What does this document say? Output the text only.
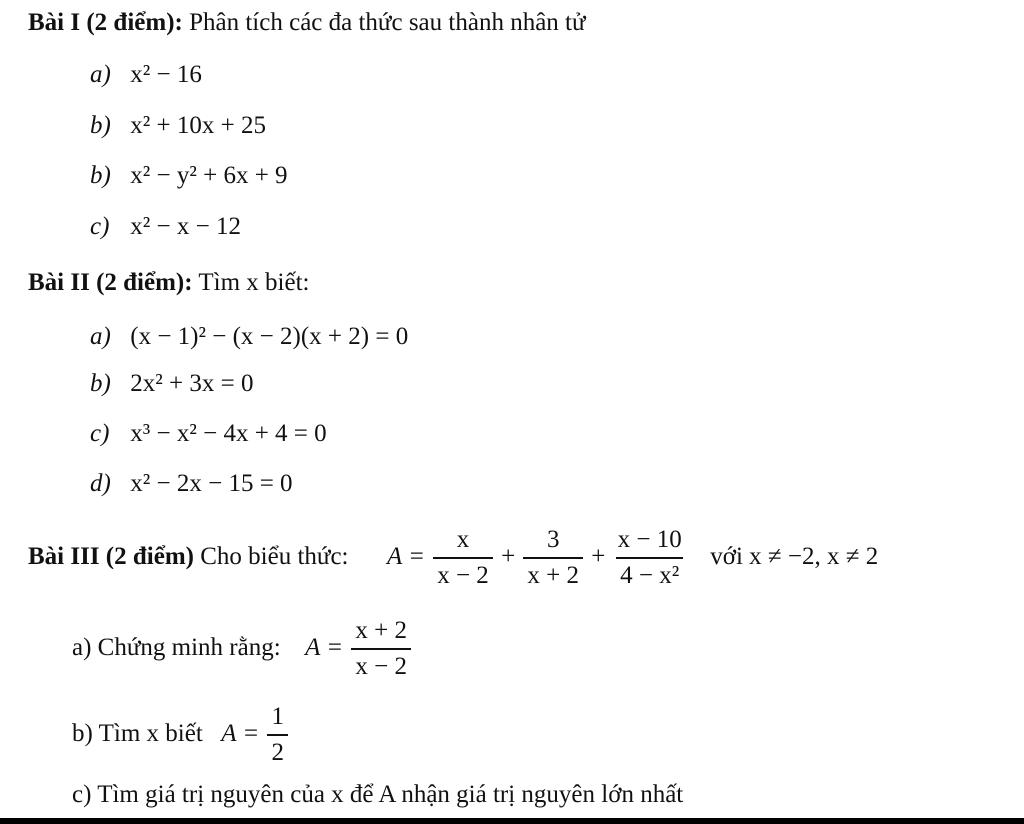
Bài I (2 điểm): Phân tích các đa thức sau thành nhân tử
a) x² − 16
b) x² + 10x + 25
b) x² − y² + 6x + 9
c) x² − x − 12
Bài II (2 điểm): Tìm x biết:
a) (x − 1)² − (x − 2)(x + 2) = 0
b) 2x² + 3x = 0
c) x³ − x² − 4x + 4 = 0
d) x² − 2x − 15 = 0
Bài III (2 điểm) Cho biểu thức: $A = \frac{x}{x - 2} + \frac{3}{x + 2} + \frac{x - 10}{\text{4 − x²}}$ với x ≠ −2, x ≠ 2
a) Chứng minh rằng: $A = \frac{x + 2}{x - 2}$
b) Tìm x biết $A = \frac{1}{2}$
c) Tìm giá trị nguyên của x để A nhận giá trị nguyên lớn nhất
